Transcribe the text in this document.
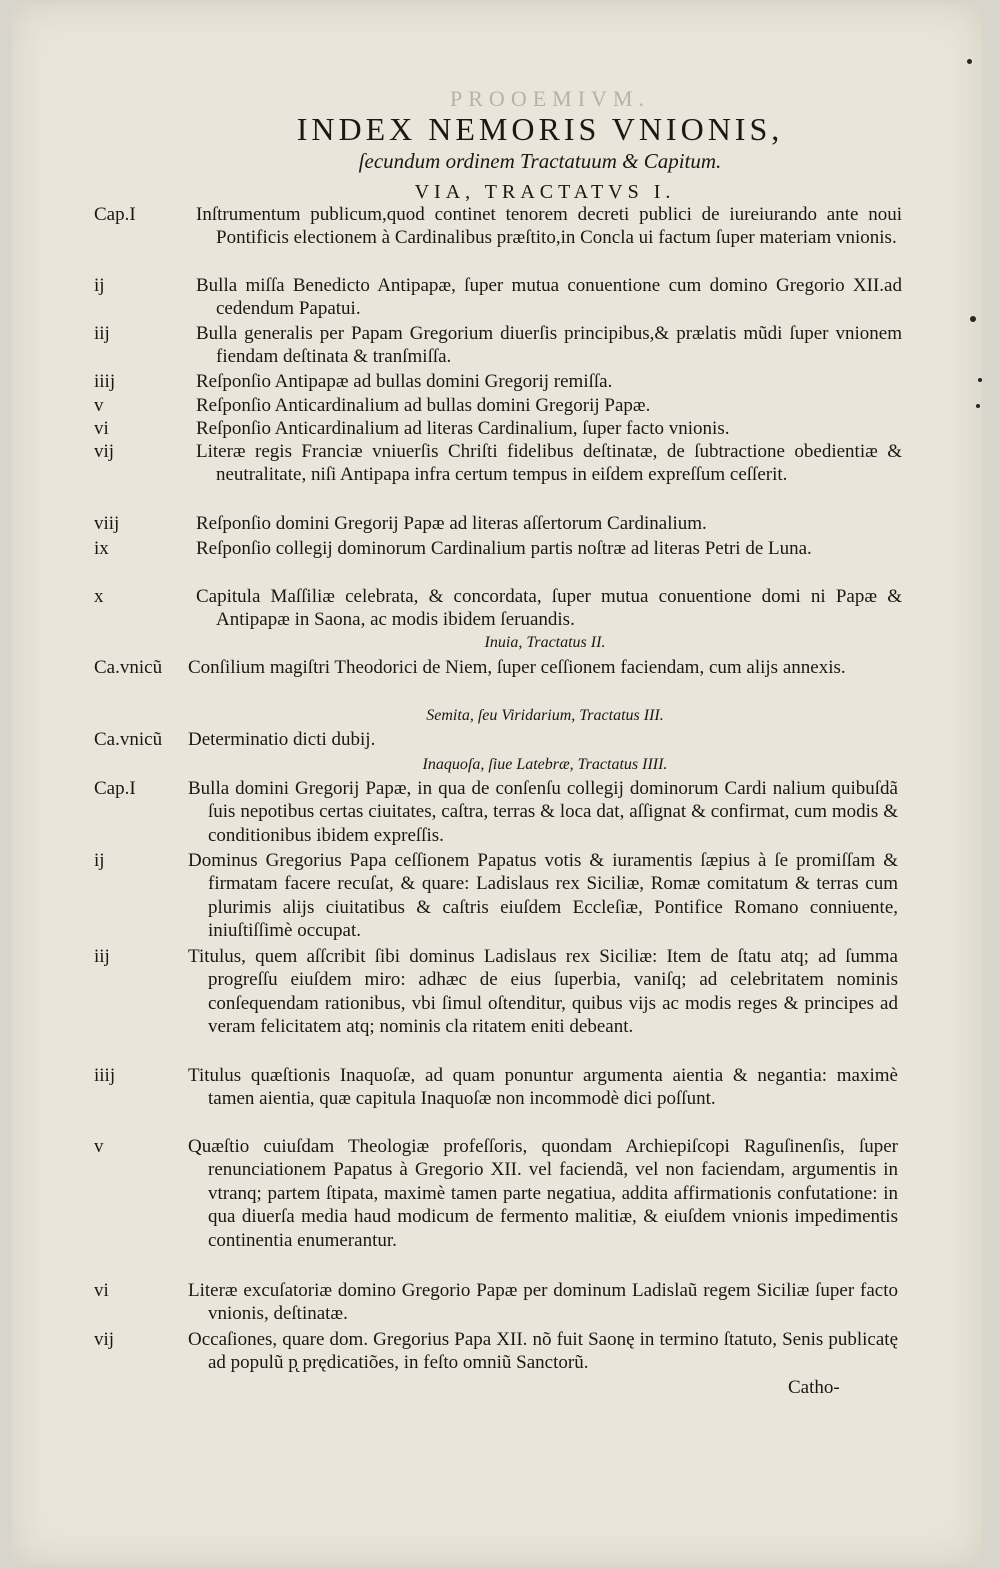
PROOEMIVM.
INDEX NEMORIS VNIONIS,
ſecundum ordinem Tractatuum & Capitum.
VIA, TRACTATVS I.
Cap.I	Inſtrumentum publicum,quod continet tenorem decreti publici de iureiurando ante noui Pontificis electionem à Cardinalibus præſtito,in Concla ui factum ſuper materiam vnionis.
ij	Bulla miſſa Benedicto Antipapæ, ſuper mutua conuentione cum domino Gregorio XII.ad cedendum Papatui.
iij	Bulla generalis per Papam Gregorium diuerſis principibus,& prælatis mũdi ſuper vnionem fiendam deſtinata & tranſmiſſa.
iiij	Reſponſio Antipapæ ad bullas domini Gregorij remiſſa.
v	Reſponſio Anticardinalium ad bullas domini Gregorij Papæ.
vi	Reſponſio Anticardinalium ad literas Cardinalium, ſuper facto vnionis.
vij	Literæ regis Franciæ vniuerſis Chriſti fidelibus deſtinatæ, de ſubtractione obedientiæ & neutralitate, niſi Antipapa infra certum tempus in eiſdem expreſſum ceſſerit.
viij	Reſponſio domini Gregorij Papæ ad literas aſſertorum Cardinalium.
ix	Reſponſio collegij dominorum Cardinalium partis noſtræ ad literas Petri de Luna.
x	Capitula Maſſiliæ celebrata, & concordata, ſuper mutua conuentione domi ni Papæ & Antipapæ in Saona, ac modis ibidem ſeruandis.
Inuia, Tractatus II.
Ca.vnicũ Conſilium magiſtri Theodorici de Niem, ſuper ceſſionem faciendam, cum alijs annexis.
Semita, ſeu Viridarium, Tractatus III.
Ca.vnicũ Determinatio dicti dubij.
Inaquoſa, ſiue Latebræ, Tractatus IIII.
Cap.I	Bulla domini Gregorij Papæ, in qua de conſenſu collegij dominorum Cardi nalium quibuſdã ſuis nepotibus certas ciuitates, caſtra, terras & loca dat, aſſignat & confirmat, cum modis & conditionibus ibidem expreſſis.
ij	Dominus Gregorius Papa ceſſionem Papatus votis & iuramentis ſæpius à ſe promiſſam & firmatam facere recuſat, & quare: Ladislaus rex Siciliæ, Romæ comitatum & terras cum plurimis alijs ciuitatibus & caſtris eiuſdem Eccleſiæ, Pontifice Romano conniuente, iniuſtiſſimè occupat.
iij	Titulus, quem aſſcribit ſibi dominus Ladislaus rex Siciliæ: Item de ſtatu atq; ad ſumma progreſſu eiuſdem miro: adhæc de eius ſuperbia, vaniſq; ad celebritatem nominis conſequendam rationibus, vbi ſimul oſtenditur, quibus vijs ac modis reges & principes ad veram felicitatem atq; nominis cla ritatem eniti debeant.
iiij	Titulus quæſtionis Inaquoſæ, ad quam ponuntur argumenta aientia & negantia: maximè tamen aientia, quæ capitula Inaquoſæ non incommodè dici poſſunt.
v	Quæſtio cuiuſdam Theologiæ profeſſoris, quondam Archiepiſcopi Raguſinenſis, ſuper renunciationem Papatus à Gregorio XII. vel faciendã, vel non faciendam, argumentis in vtranq; partem ſtipata, maximè tamen parte negatiua, addita affirmationis confutatione: in qua diuerſa media haud modicum de fermento malitiæ, & eiuſdem vnionis impedimentis continentia enumerantur.
vi	Literæ excuſatoriæ domino Gregorio Papæ per dominum Ladislaũ regem Siciliæ ſuper facto vnionis, deſtinatæ.
vij	Occaſiones, quare dom. Gregorius Papa XII. nõ fuit Saonę in termino ſtatuto, Senis publicatę ad populũ p̨ prędicatiões, in feſto omniũ Sanctorũ.
Catho-
